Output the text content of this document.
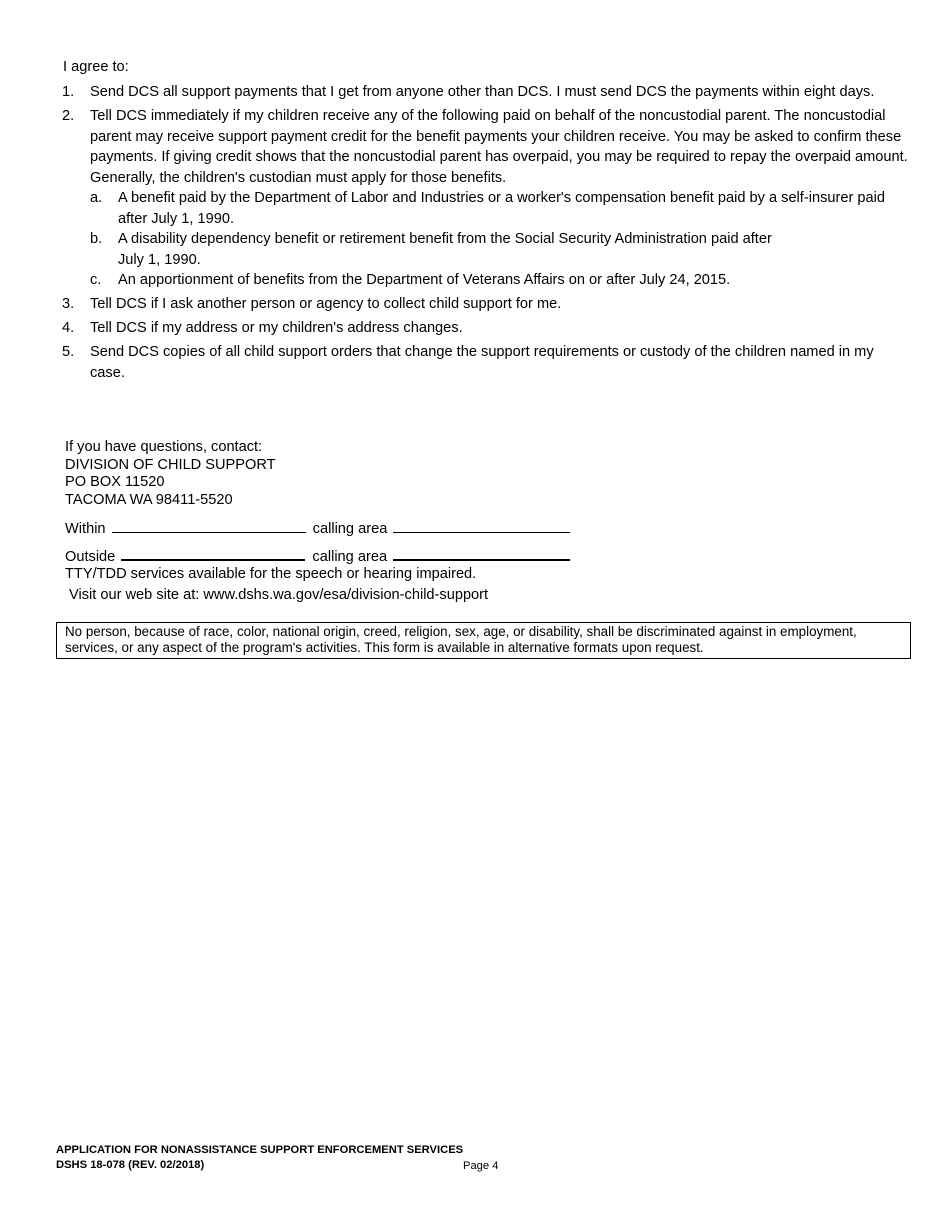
I agree to:
1. Send DCS all support payments that I get from anyone other than DCS. I must send DCS the payments within eight days.
2. Tell DCS immediately if my children receive any of the following paid on behalf of the noncustodial parent. The noncustodial parent may receive support payment credit for the benefit payments your children receive. You may be asked to confirm these payments. If giving credit shows that the noncustodial parent has overpaid, you may be required to repay the overpaid amount. Generally, the children's custodian must apply for those benefits.
a. A benefit paid by the Department of Labor and Industries or a worker's compensation benefit paid by a self-insurer paid after July 1, 1990.
b. A disability dependency benefit or retirement benefit from the Social Security Administration paid after
July 1, 1990.
c. An apportionment of benefits from the Department of Veterans Affairs on or after July 24, 2015.
3. Tell DCS if I ask another person or agency to collect child support for me.
4. Tell DCS if my address or my children's address changes.
5. Send DCS copies of all child support orders that change the support requirements or custody of the children named in my case.
If you have questions, contact:
DIVISION OF CHILD SUPPORT
PO BOX 11520
TACOMA WA 98411-5520
Within	calling area
Outside	calling area
TTY/TDD services available for the speech or hearing impaired.
Visit our web site at: www.dshs.wa.gov/esa/division-child-support
No person, because of race, color, national origin, creed, religion, sex, age, or disability, shall be discriminated against in employment, services, or any aspect of the program's activities. This form is available in alternative formats upon request.
APPLICATION FOR NONASSISTANCE SUPPORT ENFORCEMENT SERVICES
DSHS 18-078 (REV. 02/2018)	Page 4
